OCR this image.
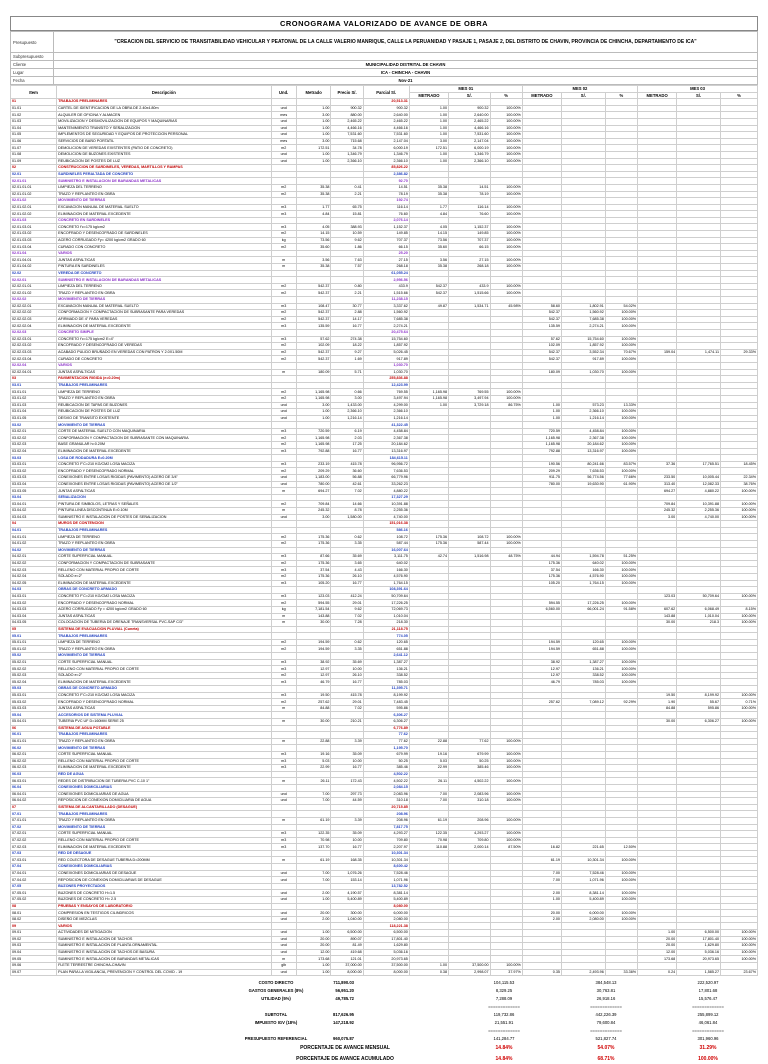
CRONOGRAMA VALORIZADO DE AVANCE DE OBRA
Presupuesto	"CREACION DEL SERVICIO DE TRANSITABILIDAD VEHICULAR Y PEATONAL DE LA CALLE VALERIO MANRIQUE, CALLE LA PERUANIDAD Y PASAJE 1, PASAJE 2, DEL DISTRITO DE CHAVIN, PROVINCIA DE CHINCHA, DEPARTAMENTO DE ICA"
Subpresupuesto	
Cliente	MUNICIPALIDAD DISTRITAL DE CHAVIN
Lugar	ICA - CHINCHA - CHAVIN
Fecha	Nov-21
Item	Descripción	Und.	Metrado	Precio S/.	Parcial S/.	MES 01			MES 02			MES 03		
						METRADO	S/.	%	METRADO	S/.	%	METRADO	S/.	%
01	TRABAJOS PRELIMINARES				20,513.31									
01.01	CARTEL DE IDENTIFICACION DE LA OBRA DE 2.40x4.80m	und	1.00	900.32	900.32	1.00	900.32	100.00%						
01.02	ALQUILER DE OFICINA Y ALMACEN	mes	3.00	880.00	2,640.00	1.00	2,640.00	100.00%						
01.03	MOVILIZACION Y DESMOVILIZACION DE EQUIPOS Y MAQUINARIAS	und	1.00	2,465.22	2,465.22	1.00	2,465.22	100.00%						
01.04	MANTENIMIENTO TRANSITO Y SEÑALIZACION	und	1.00	4,466.16	4,466.16	1.00	4,466.16	100.00%						
01.05	IMPLEMENTOS DE SEGURIDAD Y EQUIPOS DE PROTECCION PERSONAL	und	1.00	7,531.60	7,531.60	1.00	7,531.60	100.00%						
01.06	SERVICIOS DE BAÑO PORTATIL	mes	3.00	715.68	2,147.04	3.00	2,147.04	100.00%						
01.07	DEMOLICION DE VEREDAS EXISTENTES (PATIO DE CONCRETO)	m2	172.51	34.78	6,000.19	172.51	6,000.19	100.00%						
01.08	DEMOLICION DE BUZONES EXISTENTES	und	1.00	1,346.79	1,346.79	1.00	1,346.79	100.00%						
01.09	REUBICACION DE POSTES DE LUZ	und	1.00	2,366.10	2,366.10	1.00	2,366.10	100.00%						
02	CONSTRUCCION DE SARDINELES, VEREDAS, MARTILLOS Y RAMPAS				85,826.22									
02.01	SARDINELES PERALTADA DE CONCRETO				2,386.82									
02.01.01	SUMINISTRO E INSTALACION DE BARANDAS METALICAS				92.70									
02.01.01.01	LIMPIEZA DEL TERRENO	m2	35.38	0.41	14.51	35.38	14.51	100.00%						
02.01.01.02	TRAZO Y REPLANTEO EN OBRA	m2	35.38	2.21	78.19	35.38	78.19	100.00%						
02.01.02	MOVIMIENTO DE TIERRAS				192.74									
02.01.02.01	EXCAVACION MANUAL DE MATERIAL SUELTO	m3	1.77	65.75	116.14	1.77	116.14	100.00%						
02.01.02.02	ELIMINACION DE MATERIAL EXCEDENTE	m3	4.84	15.81	76.60	4.84	76.60	100.00%						
02.01.03	CONCRETO EN SARDINELES				2,076.14									
02.01.03.01	CONCRETO f'c=175 kg/cm2	m3	4.05	388.93	1,152.37	4.05	1,152.37	100.00%						
02.01.03.02	ENCOFRADO Y DESENCOFRADO DE SARDINELES	m2	14.15	10.59	149.85	14.15	149.85	100.00%						
02.01.03.03	ACERO CORRUGADO Fy= 4200 kg/cm2 GRADO 60	kg	73.56	9.62	707.37	73.56	707.37	100.00%						
02.01.03.04	CURADO CON CONCRETO	m2	35.60	1.86	66.15	35.60	66.15	100.00%						
02.01.04	VARIOS				25.20									
02.01.04.01	JUNTAS ASFALTICAS	m	3.56	7.63	27.15	3.56	27.15	100.00%						
02.01.04.02	PINTURA EN SARDINELES	m	35.38	7.57	268.18	35.38	268.18	100.00%						
02.02	VEREDA DE CONCRETO				61,055.24									
02.02.01	SUMINISTRO E INSTALACION DE BARANDAS METALICAS				2,956.56									
02.02.01.01	LIMPIEZA DEL TERRENO	m2	542.37	0.80	433.9	542.37	433.9	100.00%						
02.02.01.02	TRAZO Y REPLANTEO EN OBRA	m2	542.37	2.21	1,515.66	542.37	1,515.66	100.00%						
02.02.02	MOVIMIENTO DE TIERRAS				11,238.15									
02.02.02.01	EXCAVACION MANUAL DE MATERIAL SUELTO	m3	108.47	30.77	3,337.62	49.87	1,534.71	45.98%	58.60	1,802.91	54.02%			
02.02.02.02	CONFORMACION Y COMPACTACION DE SUBRASANTE PARA VEREDAS	m2	542.37	2.88	1,560.92				542.37	1,560.92	100.00%			
02.02.02.03	AFIRMADO DE 4" PARA VEREDAS	m2	542.37	14.17	7,685.38				542.37	7,685.38	100.00%			
02.02.02.04	ELIMINACION DE MATERIAL EXCEDENTE	m3	135.59	16.77	2,274.21				135.59	2,274.21	100.00%			
02.02.03	CONCRETO SIMPLE				20,475.64									
02.02.03.01	CONCRETO f'c=175 kg/cm2 E=4"	m3	57.62	274.38	15,754.60				57.62	15,754.60	100.00%			
02.02.03.02	ENCOFRADO Y DESENCOFRADO DE VEREDAS	m2	102.09	18.22	1,857.92				102.09	1,857.92	100.00%			
02.02.03.03	ACABADO PULIDO BRUÑADO EN VEREDAS CON PATRON Y 2.0X1.50M	m2	542.37	9.27	5,026.45				542.37	3,552.34	70.67%	159.04	1,474.11	29.33%
02.02.03.04	CURADO DE CONCRETO	m2	542.37	1.69	917.89				542.37	917.89	100.00%			
02.02.04	VARIOS				1,030.70									
02.02.04.01	JUNTAS ASFALTICAS	m	180.09	5.71	1,030.70				180.09	1,030.70	100.00%			
03	PAVIMENTACION RIGIDA (e=0.20m)				255,836.88									
03.01	TRABAJOS PRELIMINARES				12,423.99									
03.01.01	LIMPIEZA DE TERRENO	m2	1,165.98	0.66	769.55	1,165.98	769.55	100.00%						
03.01.02	TRAZO Y REPLANTEO EN OBRA	m2	1,165.98	3.00	3,497.94	1,165.98	3,497.94	100.00%						
03.01.03	REUBICACION DE TAPAS DE BUZONES	und	3.00	1,433.00	4,299.00	1.00	3,729.18	86.75%	1.00	573.23	13.33%			
03.01.04	REUBICACION DE POSTES DE LUZ	und	1.00	2,366.10	2,366.10				1.00	2,366.10	100.00%			
03.01.05	DESVIO DE TRANSITO EXISTENTE	und	1.00	1,216.14	1,216.14				1.00	1,216.14	100.00%			
03.02	MOVIMIENTO DE TIERRAS				41,322.45									
03.02.01	CORTE DE MATERIAL SUELTO CON MAQUINARIA	m3	720.59	6.19	4,458.84				720.59	4,458.84	100.00%			
03.02.02	CONFORMACION Y COMPACTACION DE SUBRASANTE CON MAQUINARIA	m2	1,165.98	2.03	2,367.38				1,165.98	2,367.38	100.00%			
03.02.03	BASE GRANULAR h=0.20M	m2	1,165.98	17.25	20,184.62				1,165.98	20,184.62	100.00%			
03.02.04	ELIMINACION DE MATERIAL EXCEDENTE	m3	792.88	16.77	13,316.97				792.88	13,316.97	100.00%			
03.03	LOSA DE RODADURA E=0.20M				184,615.11									
03.03.01	CONCRETO F'C=210 KG/CM2 LOSA MACIZA	m3	233.19	415.78	96,956.72				190.56	80,241.66	83.57%	37.36	17,765.51	18.45%
03.03.02	ENCOFRADO Y DESENCOFRADO NORMAL	m2	209.29	36.60	7,636.53				209.29	7,636.53	100.00%			
03.03.03	CONEXIONES ENTRE LOSAS RIGIDAS (PAVIMENTO) ACERO DE 3/4"	und	1,183.00	56.88	66,779.96				911.75	56,774.56	77.66%	233.50	10,005.44	22.34%
03.03.04	CONEXIONES ENTRE LOSAS RIGIDAS (PAVIMENTO) ACERO DE 1/2"	und	780.00	42.61	33,262.23				780.00	19,630.90	61.90%	313.40	12,082.33	38.76%
03.03.05	JUNTAS ASFALTICAS	m	694.27	7.02	4,880.22							694.27	4,880.22	100.00%
03.04	SEÑALIZACION				17,327.29									
03.04.01	PINTURA DE SIMBOLOS, LETRAS Y SEÑALES	m2	709.84	14.66	10,391.88							709.84	10,391.88	100.00%
03.04.02	PINTURA LINEA DISCONTINUA E=0.10M	m	245.32	8.78	2,255.36							245.32	2,255.36	100.00%
03.04.03	SUMINISTRO E INSTALACION DE POSTES DE SEÑALIZACION	und	3.00	1,580.00	4,740.00							3.00	4,740.00	100.00%
04	MUROS DE CONTENCION				151,016.38									
04.01	TRABAJOS PRELIMINARES				586.16									
04.01.01	LIMPIEZA DE TERRENO	m2	175.36	0.62	108.72	175.36	108.72	100.00%						
04.01.02	TRAZO Y REPLANTEO EN OBRA	m2	175.36	3.35	587.44	175.36	587.44	100.00%						
04.02	MOVIMIENTO DE TIERRAS				16,007.64									
04.02.01	CORTE SUPERFICIAL MANUAL	m3	87.66	35.69	3,111.75	42.74	1,516.98	48.75%	44.94	1,594.78	51.25%			
04.02.02	CONFORMACION Y COMPACTACION DE SUBRASANTE	m2	175.36	3.65	640.02				175.36	640.02	100.00%			
04.02.03	RELLENO CON MATERIAL PROPIO DE CORTE	m3	37.54	4.43	166.30				37.54	166.30	100.00%			
04.02.04	SOLADO e=2"	m2	175.36	26.10	4,576.90				175.36	4,576.90	100.00%			
04.02.05	ELIMINACION DE MATERIAL EXCEDENTE	m3	105.20	16.77	1,764.15				105.20	1,764.15	100.00%			
04.03	OBRAS DE CONCRETO ARMADO				108,391.64									
04.03.01	CONCRETO F'C=210 KG/CM2 LOSA MACIZA	m3	123.03	412.24	50,709.64							123.03	50,709.64	100.00%
04.03.02	ENCOFRADO Y DESENCOFRADO NORMAL	m2	594.55	29.01	17,226.25				594.55	17,226.25	100.00%			
04.03.03	ACERO CORRUGADO Fy = 4200 kg/cm2 GRADO 60	kg	7,181.54	9.62	72,069.73				6,560.00	66,001.24	91.58%	607.62	6,068.49	8.15%
04.03.04	JUNTAS ASFALTICAS	m	143.88	7.02	1,010.04							143.88	1,010.04	100.00%
04.03.05	COLOCACION DE TUBERIA DE DRENAJE TRANSVERSAL PVC-SAP C/3"	m	30.00	7.28	218.30							30.00	218.3	100.00%
05	SISTEMA DE EVACUACION PLUVIAL (Cuneta)				21,118.75									
05.01	TRABAJOS PRELIMINARES				774.05									
05.01.01	LIMPIEZA DE TERRENO	m2	194.59	0.62	120.65				194.59	120.65	100.00%			
05.01.02	TRAZO Y REPLANTEO EN OBRA	m2	194.59	3.35	651.88				194.59	651.88	100.00%			
05.02	MOVIMIENTO DE TIERRAS				2,641.12									
05.02.01	CORTE SUPERFICIAL MANUAL	m3	38.92	35.69	1,387.27				38.92	1,387.27	100.00%			
05.02.02	RELLENO CON MATERIAL PROPIO DE CORTE	m3	12.97	10.00	136.21				12.97	136.21	100.00%			
05.02.03	SOLADO e=2"	m2	12.97	26.10	338.52				12.97	338.52	100.00%			
05.02.04	ELIMINACION DE MATERIAL EXCEDENTE	m3	46.79	16.77	785.03				46.79	785.03	100.00%			
05.03	OBRAS DE CONCRETO ARMADO				11,395.71									
05.03.01	CONCRETO F'C=210 KG/CM2 LOSA MACIZA	m3	19.50	415.78	8,199.92							19.50	8,199.92	100.00%
05.03.02	ENCOFRADO Y DESENCOFRADO NORMAL	m2	257.62	29.01	7,483.45				257.62	7,089.12	92.29%	1.90	55.67	0.71%
05.03.03	JUNTAS ASFALTICAS	m	84.88	7.02	595.86							84.88	595.86	100.00%
05.04	ACCESORIOS DE SISTEMA PLUVIAL				6,306.27									
05.04.01	TUBERIA PVC UF D=160MM SERIE 25	m	30.00	210.21	6,306.27							30.00	6,306.27	100.00%
06	SISTEMA DE AGUA POTABLE				6,776.89									
06.01	TRABAJOS PRELIMINARES				77.62									
06.01.01	TRAZO Y REPLANTEO EN OBRA	m	22.88	3.39	77.62	22.88	77.62	100.00%						
06.02	MOVIMIENTO DE TIERRAS				1,195.70									
06.02.01	CORTE SUPERFICIAL MANUAL	m3	19.16	35.09	679.99	19.16	679.99	100.00%						
06.02.02	RELLENO CON MATERIAL PROPIO DE CORTE	m3	5.03	10.00	50.25	5.03	50.25	100.00%						
06.02.03	ELIMINACION DE MATERIAL EXCEDENTE	m3	22.99	16.77	385.46	22.99	385.46	100.00%						
06.03	RED DE AGUA				4,502.22									
06.03.01	REDES DE DISTRIBUCION DE TUBERIA PVC C-10 1"	m	26.11	172.43	4,502.22	26.11	4,502.22	100.00%						
06.04	CONEXIONES DOMICILIARIAS				2,084.15									
06.04.01	CONEXIONES DOMICILIARIAS DE AGUA	und	7.00	297.73	2,083.96	7.00	2,083.96	100.00%						
06.04.02	REPOSICION DE CONEXION DOMICILIARIA DE AGUA	und	7.00	44.59	310.18	7.00	310.18	100.00%						
07	SISTEMA DE ALCANTARILLADO (DESAGUE)				20,715.85									
07.01	TRABAJOS PRELIMINARES				208.96									
07.01.01	TRAZO Y REPLANTEO EN OBRA	m	61.19	3.39	208.96	61.19	208.96	100.00%						
07.02	MOVIMIENTO DE TIERRAS				7,817.75									
07.02.01	CORTE SUPERFICIAL MANUAL	m3	122.35	35.09	4,293.27	122.35	4,293.27	100.00%						
07.02.02	RELLENO CON MATERIAL PROPIO DE CORTE	m3	70.98	10.00	709.80	70.98	709.80	100.00%						
07.02.03	ELIMINACION DE MATERIAL EXCEDENTE	m3	137.70	16.77	2,207.97	110.88	2,000.14	87.50%	16.82	221.65	12.50%			
07.03	RED DE DESAGUE				10,301.34									
07.03.01	RED COLECTORA DE DESAGUE TUBERIA D=200MM	m	61.19	168.35	10,301.34				61.19	10,301.34	100.00%			
07.04	CONEXIONES DOMICILIARIAS				8,600.42									
07.04.01	CONEXIONES DOMICILIARIAS DE DESAGUE	und	7.00	1,076.26	7,528.46				7.00	7,528.46	100.00%			
07.04.02	REPOSICION DE CONEXION DOMICILIARIAS DE DESAGUE	und	7.00	153.14	1,071.96				7.00	1,071.96	100.00%			
07.05	BUZONES PROYECTADOS				13,782.52									
07.05.01	BUZONES DE CONCRETO H=1.5	und	2.00	4,190.57	8,381.14				2.00	8,381.14	100.00%			
07.05.02	BUZONES DE CONCRETO H= 2.5	und	1.00	5,400.89	5,400.89				1.00	5,400.89	100.00%			
08	PRUEBAS Y ENSAYOS DE LABORATORIO				8,080.00									
08.01	COMPRESION EN TESTIGOS CILINDRICOS	und	20.00	300.00	6,000.00				20.00	6,000.00	100.00%			
08.02	DISEÑO DE MEZCLAS	und	2.00	1,040.00	2,080.00				2.00	2,080.00	100.00%			
09	VARIOS				118,221.38									
09.01	ACTIVIDADES DE MITIGACION	und	1.00	6,500.00	6,500.00							1.00	6,500.00	100.00%
09.02	SUMINISTRO E INSTALACION DE TACHOS	und	20.00	890.07	17,801.40							20.00	17,801.40	100.00%
09.03	SUMINISTRO E INSTALACION DE PLANTA ORNAMENTAL	und	20.00	81.49	1,629.80							20.00	1,629.80	100.00%
09.04	SUMINISTRO E INSTALACION DE TACHOS DE BASURA	und	12.00	419.68	5,036.16							12.00	5,036.16	100.00%
09.05	SUMINISTRO E INSTALACION DE BARANDAS METALICAS	m	173.68	121.01	20,973.65							173.68	20,973.65	100.00%
09.06	FLETE TERRESTRE CHINCHA-CHAVIN	glb	1.00	37,000.00	37,500.00	1.00	37,500.00	100.00%						
09.07	PLAN PARA LA VIGILANCIA, PREVENCION Y CONTROL DEL COVID - 19	und	1.00	8,000.00	8,000.00	0.38	2,998.07	37.97%	0.35	2,493.96	33.36%	0.24	1,585.27	23.67%
	COSTO DIRECTO	711,890.03		104,115.53	384,548.13	222,520.97
	GASTOS GENERALES (8%)	56,951.20		8,329.25	30,763.81	17,801.68
	UTILIDAD (5%)	49,785.72		7,288.09	26,918.16	15,576.47
				=============	=============	=============
	SUBTOTAL	817,626.95		119,732.86	442,226.39	255,899.12
	IMPUESTO IGV (18%)	147,218.92		21,551.91	79,600.84	46,061.84
				=============	=============	=============
	PRESUPUESTO REFERENCIAL	960,075.87		141,284.77	521,827.74	301,960.96
	PORCENTAJE DE AVANCE MENSUAL			14.84%	54.07%	31.29%
	PORCENTAJE DE AVANCE ACUMULADO			14.84%	68.71%	100.00%
